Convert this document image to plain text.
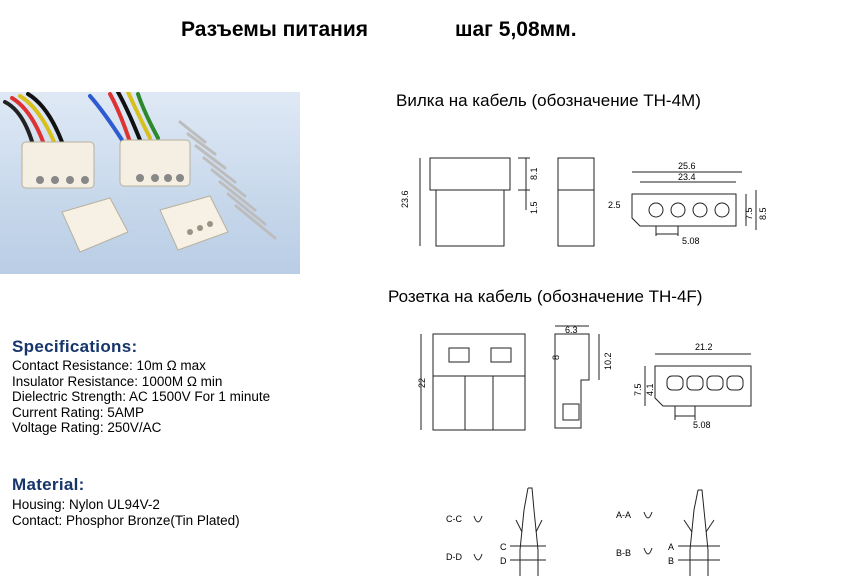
Разъемы питания	шаг 5,08мм.
Вилка на кабель (обозначение TH-4M)
23.6
8.1
1.5
25.6
23.4
2.5
7.5 8.5
5.08
Розетка на кабель (обозначение TH-4F)
22
6.3
8	10.2
21.2
7.5 4.1
5.08
Specifications:
Contact Resistance: 10m Ω max
Insulator Resistance: 1000M Ω min
Dielectric Strength: AC 1500V For 1 minute
Current Rating: 5AMP
Voltage Rating: 250V/AC
Material:
Housing: Nylon UL94V-2
Contact: Phosphor Bronze(Tin Plated)	C-C
D-D
C
D
A-A
B-B
A
B
